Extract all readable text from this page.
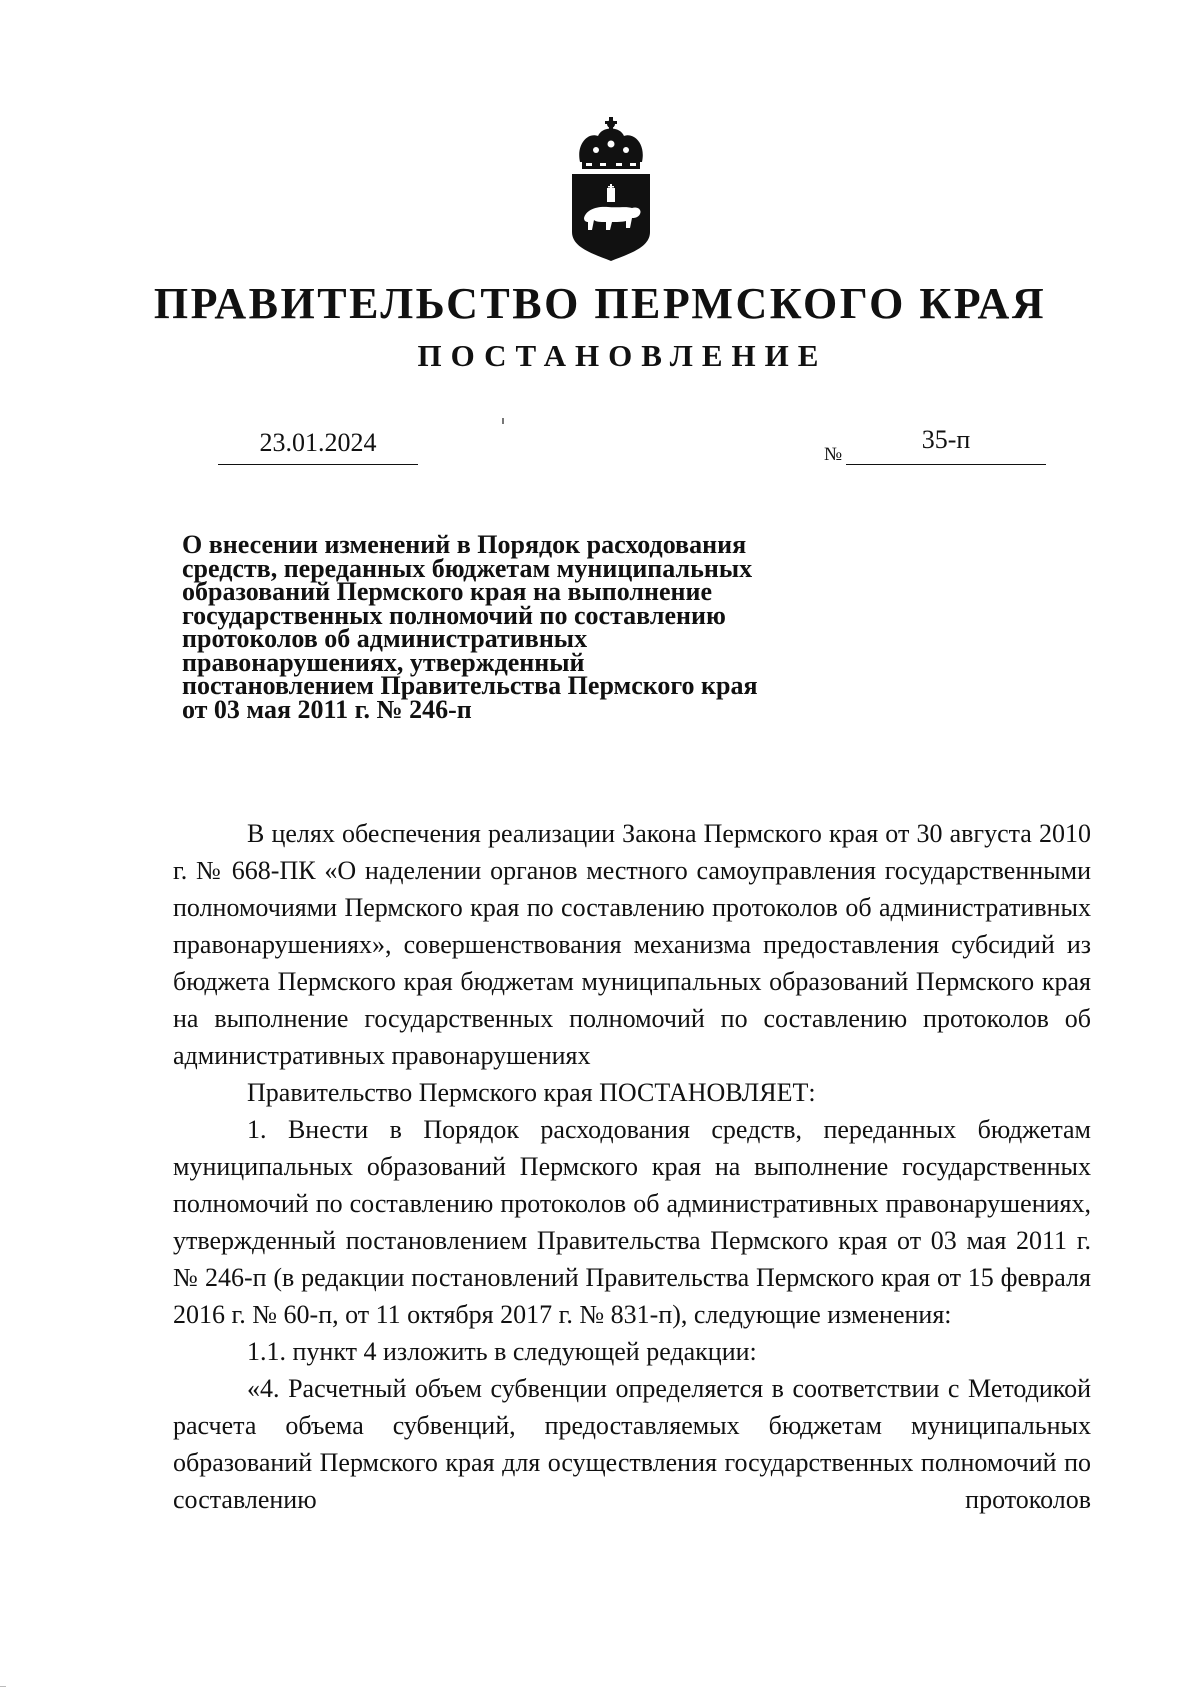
ПРАВИТЕЛЬСТВО ПЕРМСКОГО КРАЯ
ПОСТАНОВЛЕНИЕ
23.01.2024	№
35-п
О внесении изменений в Порядок расходования
средств, переданных бюджетам муниципальных
образований Пермского края на выполнение
государственных полномочий по составлению
протоколов об административных
правонарушениях, утвержденный
постановлением Правительства Пермского края
от 03 мая 2011 г. № 246-п

В целях обеспечения реализации Закона Пермского края от 30 августа 2010 г. № 668-ПК «О наделении органов местного самоуправления государственными полномочиями Пермского края по составлению протоколов об административных правонарушениях», совершенствования механизма предоставления субсидий из бюджета Пермского края бюджетам муниципальных образований Пермского края на выполнение государственных полномочий по составлению протоколов об административных правонарушениях

Правительство Пермского края ПОСТАНОВЛЯЕТ:

1. Внести в Порядок расходования средств, переданных бюджетам муниципальных образований Пермского края на выполнение государственных полномочий по составлению протоколов об административных правонарушениях, утвержденный постановлением Правительства Пермского края от 03 мая 2011 г. № 246-п (в редакции постановлений Правительства Пермского края от 15 февраля 2016 г. № 60-п, от 11 октября 2017 г. № 831-п), следующие изменения:

1.1. пункт 4 изложить в следующей редакции:

«4. Расчетный объем субвенции определяется в соответствии с Методикой расчета объема субвенций, предоставляемых бюджетам муниципальных образований Пермского края для осуществления государственных полномочий по составлению протоколов
